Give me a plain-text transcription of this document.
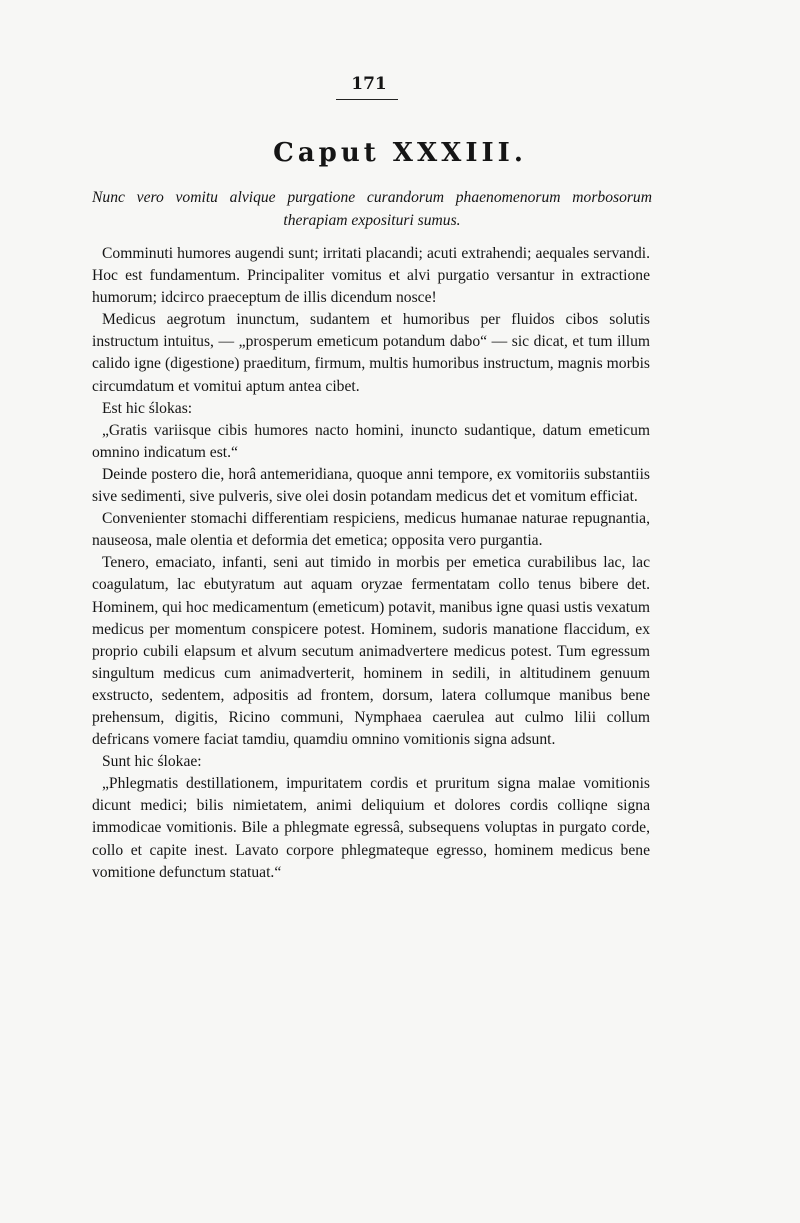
171
Caput XXXIII.
Nunc vero vomitu alvique purgatione curandorum phaenomenorum morbosorum therapiam exposituri sumus.

Comminuti humores augendi sunt; irritati placandi; acuti extrahendi; aequales servandi. Hoc est fundamentum. Principaliter vomitus et alvi purgatio versantur in extractione humorum; idcirco praeceptum de illis dicendum nosce!

Medicus aegrotum inunctum, sudantem et humoribus per fluidos cibos solutis instructum intuitus, — „prosperum emeticum potandum dabo“ — sic dicat, et tum illum calido igne (digestione) praeditum, firmum, multis humoribus instructum, magnis morbis circumdatum et vomitui aptum antea cibet.

Est hic ślokas:

„Gratis variisque cibis humores nacto homini, inuncto sudantique, datum emeticum omnino indicatum est.“

Deinde postero die, horâ antemeridiana, quoque anni tempore, ex vomitoriis substantiis sive sedimenti, sive pulveris, sive olei dosin potandam medicus det et vomitum efficiat.

Convenienter stomachi differentiam respiciens, medicus humanae naturae repugnantia, nauseosa, male olentia et deformia det emetica; opposita vero purgantia.

Tenero, emaciato, infanti, seni aut timido in morbis per emetica curabilibus lac, lac coagulatum, lac ebutyratum aut aquam oryzae fermentatam collo tenus bibere det. Hominem, qui hoc medicamentum (emeticum) potavit, manibus igne quasi ustis vexatum medicus per momentum conspicere potest. Hominem, sudoris manatione flaccidum, ex proprio cubili elapsum et alvum secutum animadvertere medicus potest. Tum egressum singultum medicus cum animadverterit, hominem in sedili, in altitudinem genuum exstructo, sedentem, adpositis ad frontem, dorsum, latera collumque manibus bene prehensum, digitis, Ricino communi, Nymphaea caerulea aut culmo lilii collum defricans vomere faciat tamdiu, quamdiu omnino vomitionis signa adsunt.

Sunt hic ślokae:

„Phlegmatis destillationem, impuritatem cordis et pruritum signa malae vomitionis dicunt medici; bilis nimietatem, animi deliquium et dolores cordis colliqne signa immodicae vomitionis. Bile a phlegmate egressâ, subsequens voluptas in purgato corde, collo et capite inest. Lavato corpore phlegmateque egresso, hominem medicus bene vomitione defunctum statuat.“
